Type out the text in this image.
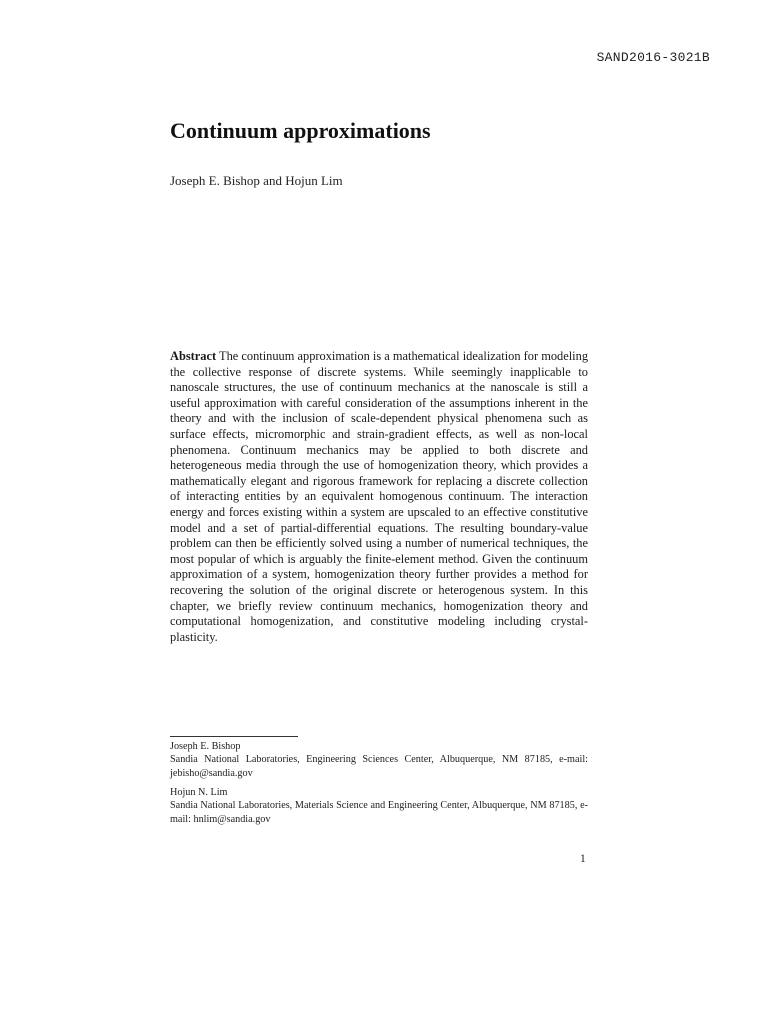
SAND2016-3021B
Continuum approximations
Joseph E. Bishop and Hojun Lim

Abstract The continuum approximation is a mathematical idealization for modeling the collective response of discrete systems. While seemingly inapplicable to nanoscale structures, the use of continuum mechanics at the nanoscale is still a useful approximation with careful consideration of the assumptions inherent in the theory and with the inclusion of scale-dependent physical phenomena such as surface effects, micromorphic and strain-gradient effects, as well as non-local phenomena. Continuum mechanics may be applied to both discrete and heterogeneous media through the use of homogenization theory, which provides a mathematically elegant and rigorous framework for replacing a discrete collection of interacting entities by an equivalent homogenous continuum. The interaction energy and forces existing within a system are upscaled to an effective constitutive model and a set of partial-differential equations. The resulting boundary-value problem can then be efficiently solved using a number of numerical techniques, the most popular of which is arguably the finite-element method. Given the continuum approximation of a system, homogenization theory further provides a method for recovering the solution of the original discrete or heterogenous system. In this chapter, we briefly review continuum mechanics, homogenization theory and computational homogenization, and constitutive modeling including crystal-plasticity.

Joseph E. Bishop
Sandia National Laboratories, Engineering Sciences Center, Albuquerque, NM 87185, e-mail: jebisho@sandia.gov
Hojun N. Lim
Sandia National Laboratories, Materials Science and Engineering Center, Albuquerque, NM 87185, e-mail: hnlim@sandia.gov
1
